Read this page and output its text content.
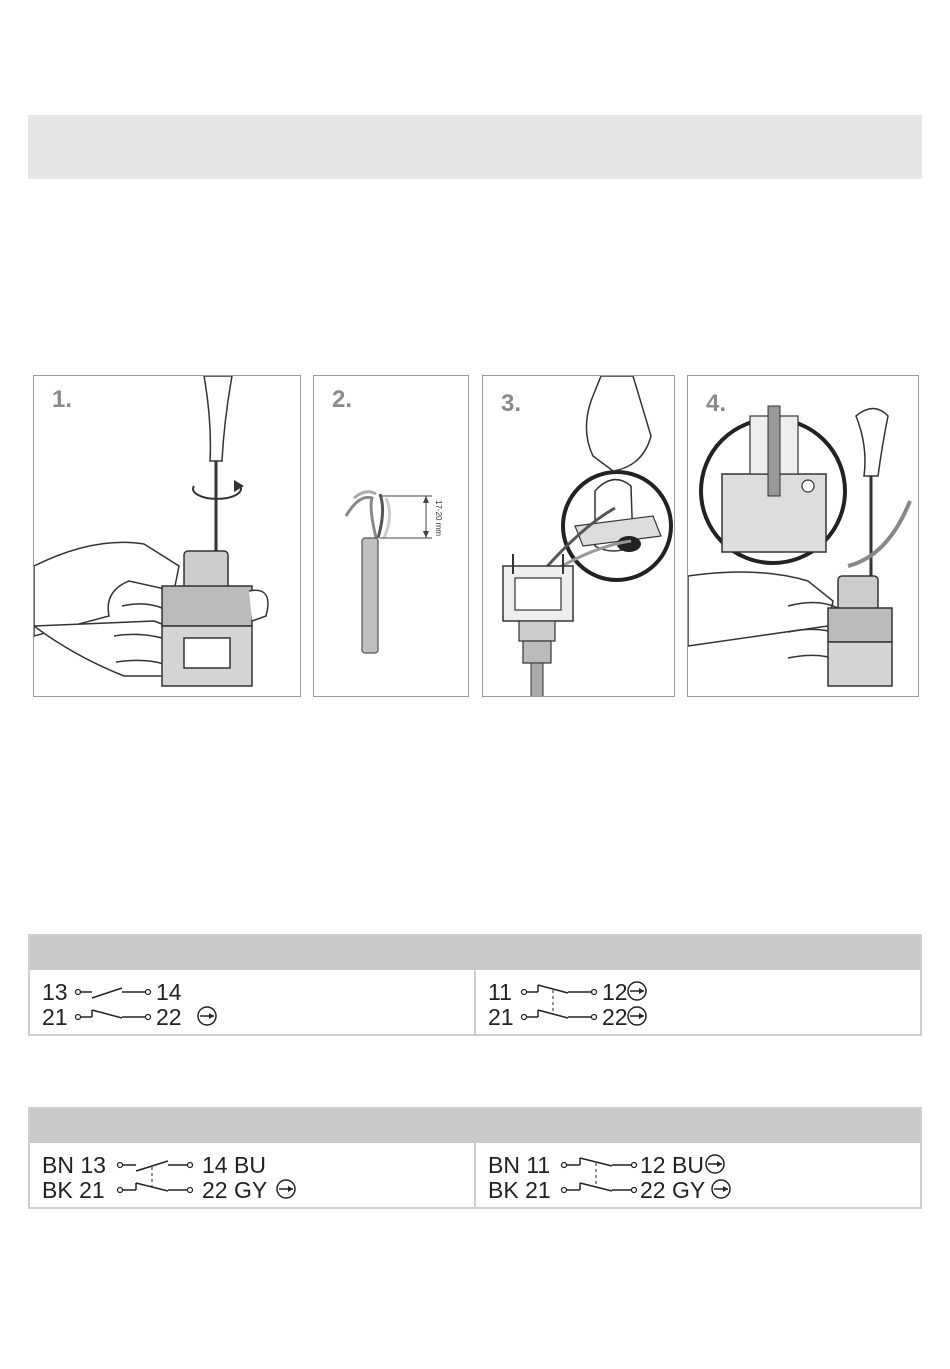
1.
17-20 mm
2.	3.	4.
13	14
21	22
11	12
21	22
BN 13	14 BU
BK 21	22 GY
BN 11	12 BU
BK 21	22 GY
